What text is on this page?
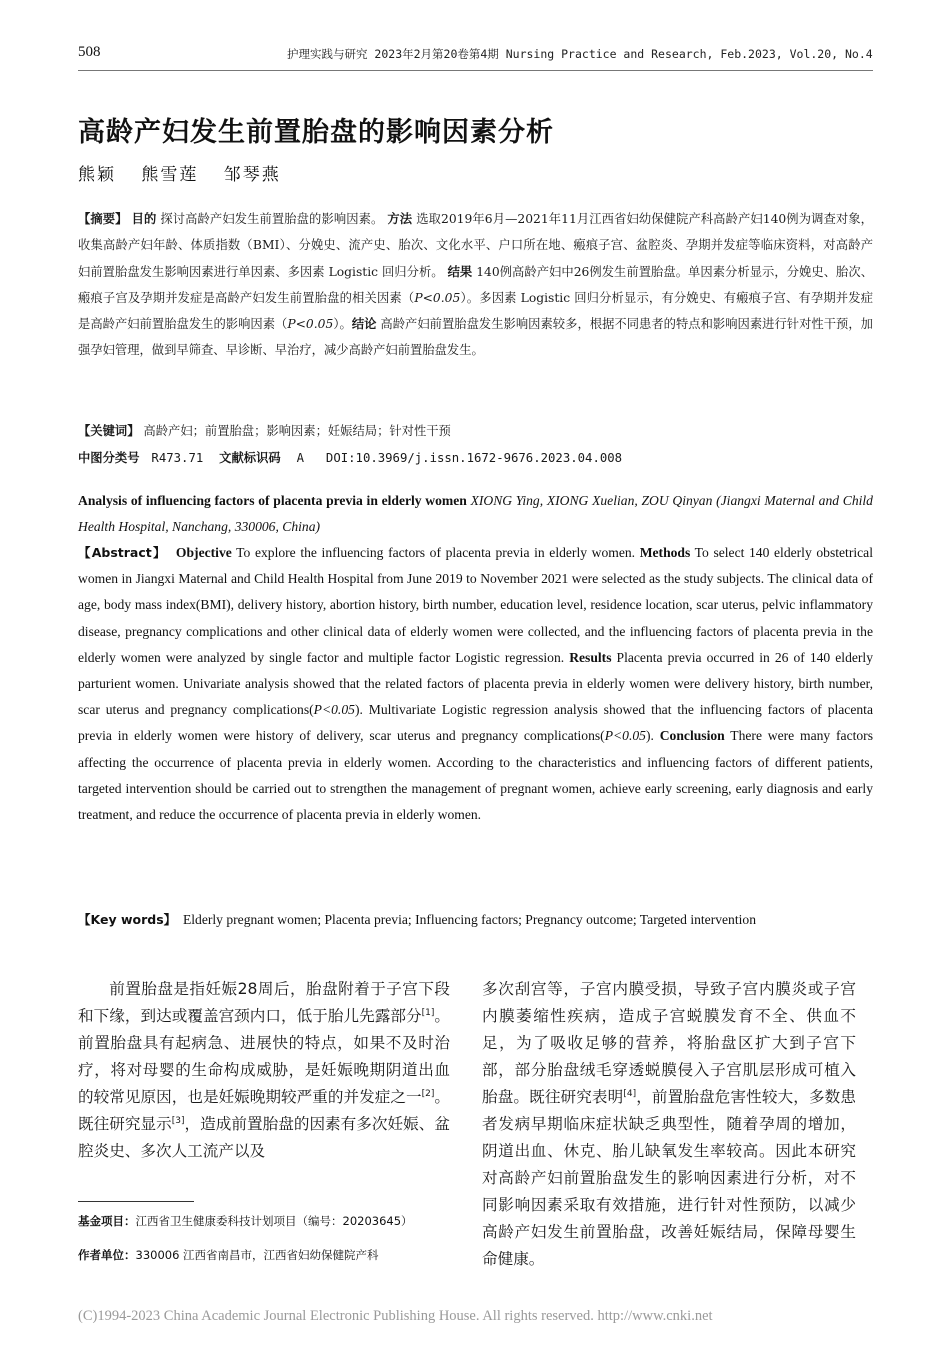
508	护理实践与研究 2023年2月第20卷第4期 Nursing Practice and Research, Feb.2023, Vol.20, No.4
高龄产妇发生前置胎盘的影响因素分析
熊颖 熊雪莲 邹琴燕
【摘要】 目的 探讨高龄产妇发生前置胎盘的影响因素。 方法 选取2019年6月—2021年11月江西省妇幼保健院产科高龄产妇140例为调查对象，收集高龄产妇年龄、体质指数（BMI）、分娩史、流产史、胎次、文化水平、户口所在地、瘢痕子宫、盆腔炎、孕期并发症等临床资料，对高龄产妇前置胎盘发生影响因素进行单因素、多因素 Logistic 回归分析。 结果 140例高龄产妇中26例发生前置胎盘。单因素分析显示，分娩史、胎次、瘢痕子宫及孕期并发症是高龄产妇发生前置胎盘的相关因素（P<0.05）。多因素 Logistic 回归分析显示，有分娩史、有瘢痕子宫、有孕期并发症是高龄产妇前置胎盘发生的影响因素（P<0.05）。结论 高龄产妇前置胎盘发生影响因素较多，根据不同患者的特点和影响因素进行针对性干预，加强孕妇管理，做到早筛查、早诊断、早治疗，减少高龄产妇前置胎盘发生。
【关键词】 高龄产妇；前置胎盘；影响因素；妊娠结局；针对性干预
中图分类号 R473.71 文献标识码 A DOI:10.3969/j.issn.1672-9676.2023.04.008
Analysis of influencing factors of placenta previa in elderly women XIONG Ying, XIONG Xuelian, ZOU Qinyan (Jiangxi Maternal and Child Health Hospital, Nanchang, 330006, China)
【Abstract】 Objective To explore the influencing factors of placenta previa in elderly women. Methods To select 140 elderly obstetrical women in Jiangxi Maternal and Child Health Hospital from June 2019 to November 2021 were selected as the study subjects. The clinical data of age, body mass index(BMI), delivery history, abortion history, birth number, education level, residence location, scar uterus, pelvic inflammatory disease, pregnancy complications and other clinical data of elderly women were collected, and the influencing factors of placenta previa in the elderly women were analyzed by single factor and multiple factor Logistic regression. Results Placenta previa occurred in 26 of 140 elderly parturient women. Univariate analysis showed that the related factors of placenta previa in elderly women were delivery history, birth number, scar uterus and pregnancy complications(P<0.05). Multivariate Logistic regression analysis showed that the influencing factors of placenta previa in elderly women were history of delivery, scar uterus and pregnancy complications(P<0.05). Conclusion There were many factors affecting the occurrence of placenta previa in elderly women. According to the characteristics and influencing factors of different patients, targeted intervention should be carried out to strengthen the management of pregnant women, achieve early screening, early diagnosis and early treatment, and reduce the occurrence of placenta previa in elderly women.
【Key words】 Elderly pregnant women; Placenta previa; Influencing factors; Pregnancy outcome; Targeted intervention
前置胎盘是指妊娠28周后，胎盘附着于子宫下段和下缘，到达或覆盖宫颈内口，低于胎儿先露部分[1]。前置胎盘具有起病急、进展快的特点，如果不及时治疗，将对母婴的生命构成威胁，是妊娠晚期阴道出血的较常见原因，也是妊娠晚期较严重的并发症之一[2]。既往研究显示[3]，造成前置胎盘的因素有多次妊娠、盆腔炎史、多次人工流产以及
多次刮宫等，子宫内膜受损，导致子宫内膜炎或子宫内膜萎缩性疾病，造成子宫蜕膜发育不全、供血不足，为了吸收足够的营养，将胎盘区扩大到子宫下部，部分胎盘绒毛穿透蜕膜侵入子宫肌层形成可植入胎盘。既往研究表明[4]，前置胎盘危害性较大，多数患者发病早期临床症状缺乏典型性，随着孕周的增加，阴道出血、休克、胎儿缺氧发生率较高。因此本研究对高龄产妇前置胎盘发生的影响因素进行分析，对不同影响因素采取有效措施，进行针对性预防，以减少高龄产妇发生前置胎盘，改善妊娠结局，保障母婴生命健康。
基金项目：江西省卫生健康委科技计划项目（编号：20203645）
作者单位：330006 江西省南昌市，江西省妇幼保健院产科
(C)1994-2023 China Academic Journal Electronic Publishing House. All rights reserved. http://www.cnki.net
